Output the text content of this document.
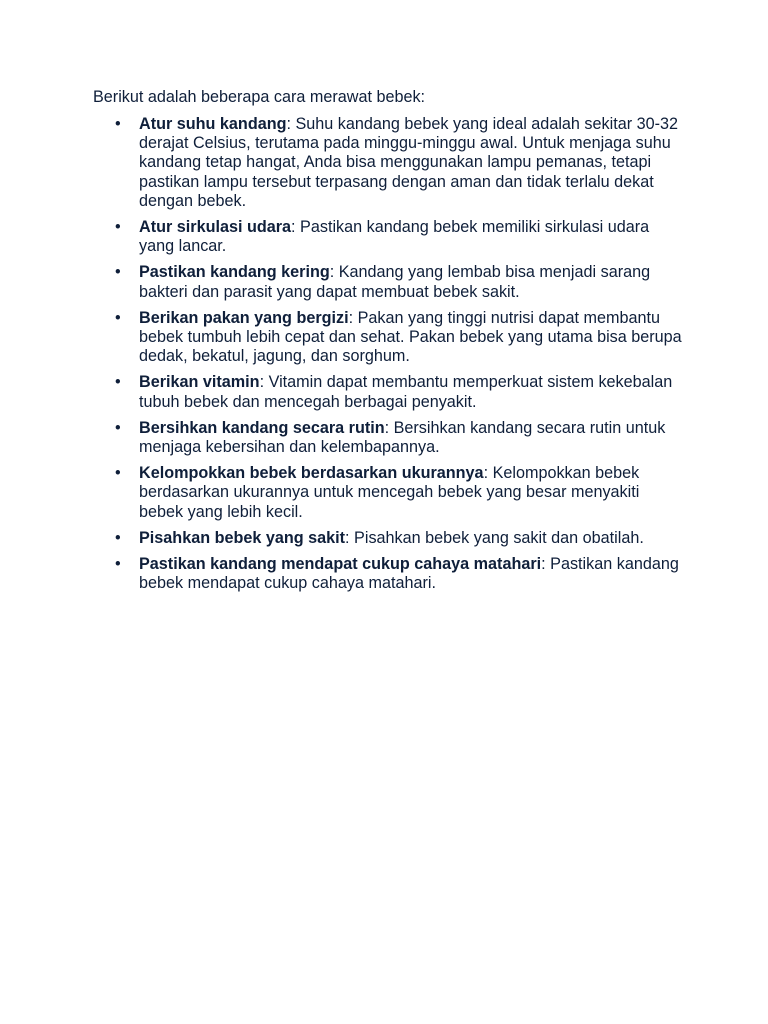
Berikut adalah beberapa cara merawat bebek:

• Atur suhu kandang: Suhu kandang bebek yang ideal adalah sekitar 30-32 derajat Celsius, terutama pada minggu-minggu awal. Untuk menjaga suhu kandang tetap hangat, Anda bisa menggunakan lampu pemanas, tetapi pastikan lampu tersebut terpasang dengan aman dan tidak terlalu dekat dengan bebek.
• Atur sirkulasi udara: Pastikan kandang bebek memiliki sirkulasi udara yang lancar.
• Pastikan kandang kering: Kandang yang lembab bisa menjadi sarang bakteri dan parasit yang dapat membuat bebek sakit.
• Berikan pakan yang bergizi: Pakan yang tinggi nutrisi dapat membantu bebek tumbuh lebih cepat dan sehat. Pakan bebek yang utama bisa berupa dedak, bekatul, jagung, dan sorghum.
• Berikan vitamin: Vitamin dapat membantu memperkuat sistem kekebalan tubuh bebek dan mencegah berbagai penyakit.
• Bersihkan kandang secara rutin: Bersihkan kandang secara rutin untuk menjaga kebersihan dan kelembapannya.
• Kelompokkan bebek berdasarkan ukurannya: Kelompokkan bebek berdasarkan ukurannya untuk mencegah bebek yang besar menyakiti bebek yang lebih kecil.
• Pisahkan bebek yang sakit: Pisahkan bebek yang sakit dan obatilah.
• Pastikan kandang mendapat cukup cahaya matahari: Pastikan kandang bebek mendapat cukup cahaya matahari.
